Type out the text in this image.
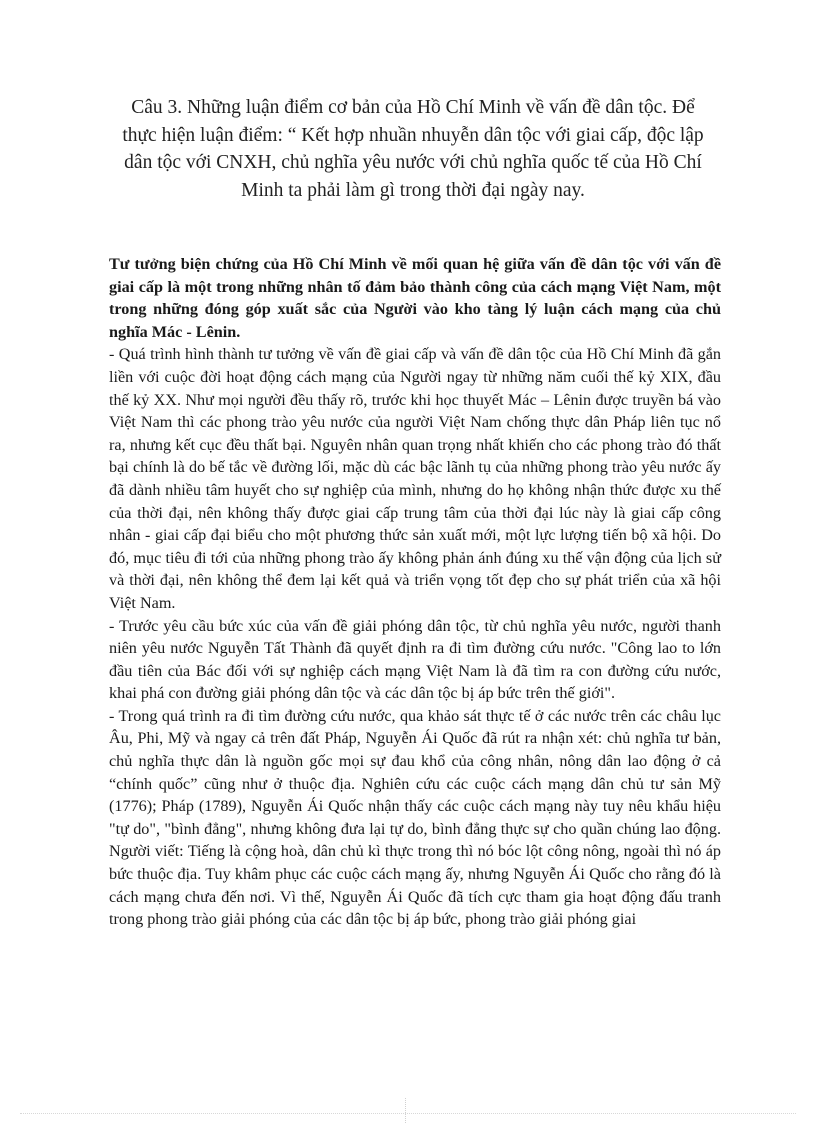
Câu 3. Những luận điểm cơ bản của Hồ Chí Minh về vấn đề dân tộc. Để thực hiện luận điểm: “ Kết hợp nhuần nhuyễn dân tộc với giai cấp, độc lập dân tộc với CNXH, chủ nghĩa yêu nước với chủ nghĩa quốc tế của Hồ Chí Minh ta phải làm gì trong thời đại ngày nay.

Tư tưởng biện chứng của Hồ Chí Minh về mối quan hệ giữa vấn đề dân tộc với vấn đề giai cấp là một trong những nhân tố đảm bảo thành công của cách mạng Việt Nam, một trong những đóng góp xuất sắc của Người vào kho tàng lý luận cách mạng của chủ nghĩa Mác - Lênin.

- Quá trình hình thành tư tưởng về vấn đề giai cấp và vấn đề dân tộc của Hồ Chí Minh đã gắn liền với cuộc đời hoạt động cách mạng của Người ngay từ những năm cuối thế kỷ XIX, đầu thế kỷ XX. Như mọi người đều thấy rõ, trước khi học thuyết Mác – Lênin được truyền bá vào Việt Nam thì các phong trào yêu nước của người Việt Nam chống thực dân Pháp liên tục nổ ra, nhưng kết cục đều thất bại. Nguyên nhân quan trọng nhất khiến cho các phong trào đó thất bại chính là do bế tắc về đường lối, mặc dù các bậc lãnh tụ của những phong trào yêu nước ấy đã dành nhiều tâm huyết cho sự nghiệp của mình, nhưng do họ không nhận thức được xu thế của thời đại, nên không thấy được giai cấp trung tâm của thời đại lúc này là giai cấp công nhân - giai cấp đại biểu cho một phương thức sản xuất mới, một lực lượng tiến bộ xã hội. Do đó, mục tiêu đi tới của những phong trào ấy không phản ánh đúng xu thế vận động của lịch sử và thời đại, nên không thể đem lại kết quả và triển vọng tốt đẹp cho sự phát triển của xã hội Việt Nam.

- Trước yêu cầu bức xúc của vấn đề giải phóng dân tộc, từ chủ nghĩa yêu nước, người thanh niên yêu nước Nguyễn Tất Thành đã quyết định ra đi tìm đường cứu nước. "Công lao to lớn đầu tiên của Bác đối với sự nghiệp cách mạng Việt Nam là đã tìm ra con đường cứu nước, khai phá con đường giải phóng dân tộc và các dân tộc bị áp bức trên thế giới".

- Trong quá trình ra đi tìm đường cứu nước, qua khảo sát thực tế ở các nước trên các châu lục Âu, Phi, Mỹ và ngay cả trên đất Pháp, Nguyễn Ái Quốc đã rút ra nhận xét: chủ nghĩa tư bản, chủ nghĩa thực dân là nguồn gốc mọi sự đau khổ của công nhân, nông dân lao động ở cả “chính quốc” cũng như ở thuộc địa. Nghiên cứu các cuộc cách mạng dân chủ tư sản Mỹ (1776); Pháp (1789), Nguyễn Ái Quốc nhận thấy các cuộc cách mạng này tuy nêu khẩu hiệu "tự do", "bình đẳng", nhưng không đưa lại tự do, bình đẳng thực sự cho quần chúng lao động. Người viết: Tiếng là cộng hoà, dân chủ kì thực trong thì nó bóc lột công nông, ngoài thì nó áp bức thuộc địa. Tuy khâm phục các cuộc cách mạng ấy, nhưng Nguyễn Ái Quốc cho rằng đó là cách mạng chưa đến nơi. Vì thế, Nguyễn Ái Quốc đã tích cực tham gia hoạt động đấu tranh trong phong trào giải phóng của các dân tộc bị áp bức, phong trào giải phóng giai
